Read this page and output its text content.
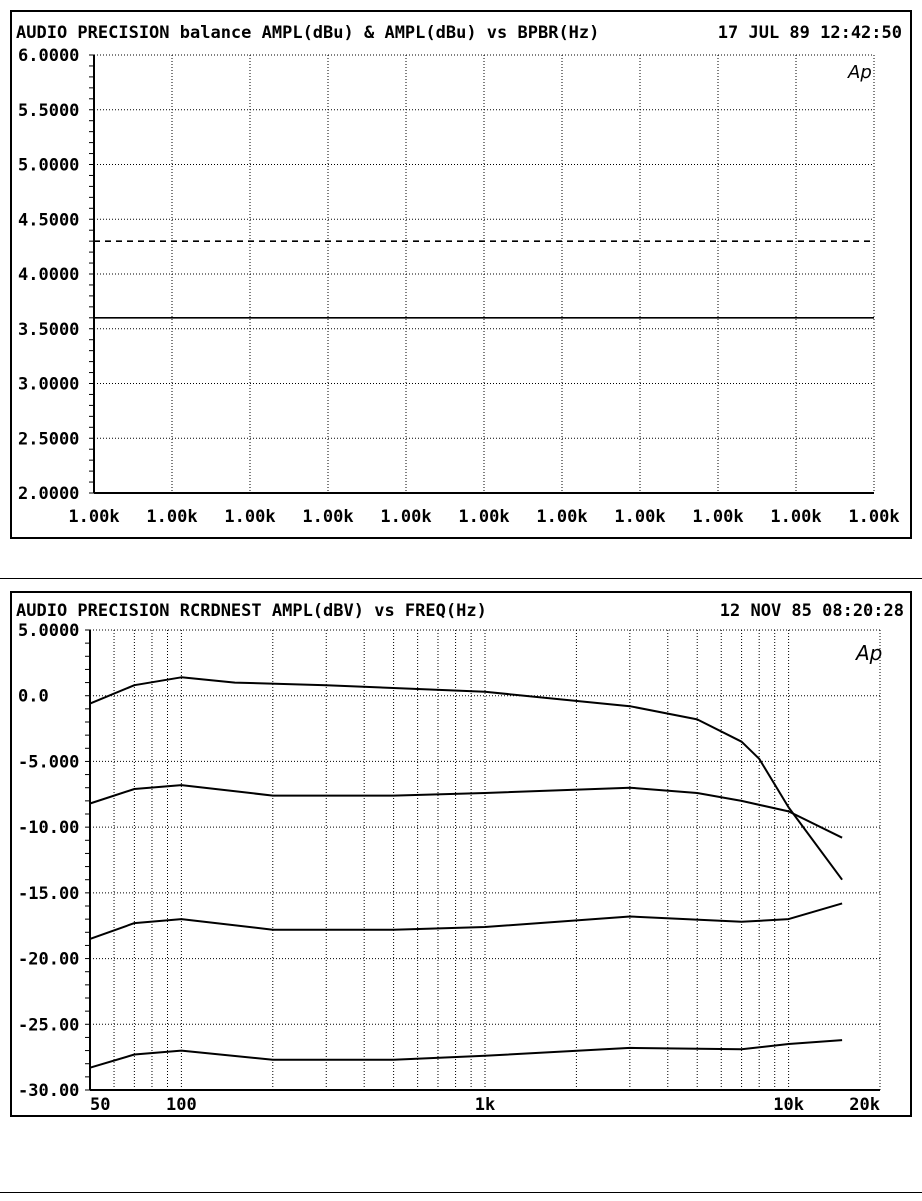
AUDIO PRECISION balance AMPL(dBu) & AMPL(dBu) vs BPBR(Hz)	17 JUL 89 12:42:50
Ap
AUDIO PRECISION RCRDNEST AMPL(dBV) vs FREQ(Hz)	12 NOV 85 08:20:28
Ap
6.0000
5.5000
5.0000
4.5000
4.0000
3.5000
3.0000
2.5000
2.0000
1.00k 1.00k 1.00k 1.00k 1.00k 1.00k 1.00k 1.00k 1.00k 1.00k 1.00k
5.0000
0.0
-5.000
-10.00
-15.00
-20.00
-25.00
-30.00
50	100	1k	10k	20k
